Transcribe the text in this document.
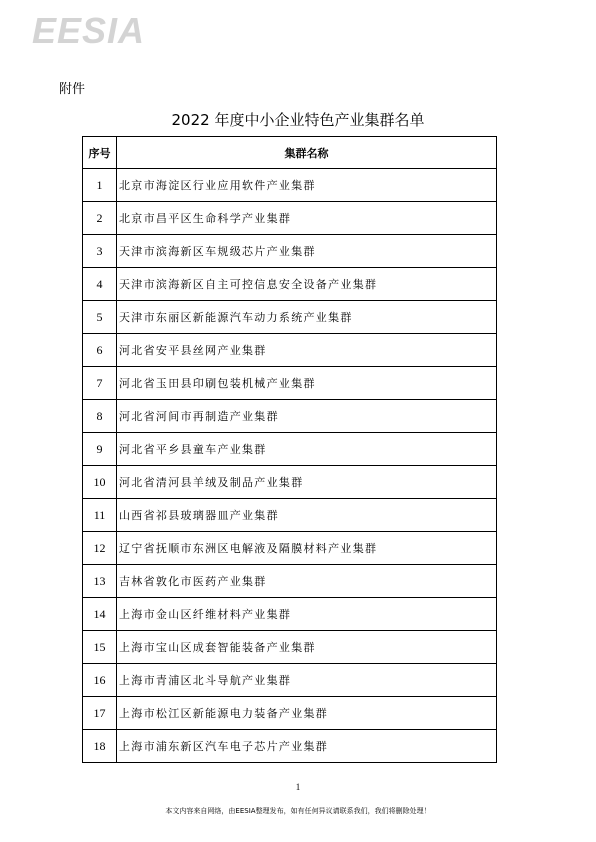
EESIA
附件
2022 年度中小企业特色产业集群名单
序号	集群名称
1	北京市海淀区行业应用软件产业集群
2	北京市昌平区生命科学产业集群
3	天津市滨海新区车规级芯片产业集群
4	天津市滨海新区自主可控信息安全设备产业集群
5	天津市东丽区新能源汽车动力系统产业集群
6	河北省安平县丝网产业集群
7	河北省玉田县印刷包装机械产业集群
8	河北省河间市再制造产业集群
9	河北省平乡县童车产业集群
10	河北省清河县羊绒及制品产业集群
11	山西省祁县玻璃器皿产业集群
12	辽宁省抚顺市东洲区电解液及隔膜材料产业集群
13	吉林省敦化市医药产业集群
14	上海市金山区纤维材料产业集群
15	上海市宝山区成套智能装备产业集群
16	上海市青浦区北斗导航产业集群
17	上海市松江区新能源电力装备产业集群
18	上海市浦东新区汽车电子芯片产业集群
1
本文内容来自网络，由EESIA整理发布，如有任何异议请联系我们，我们将删除处理！
